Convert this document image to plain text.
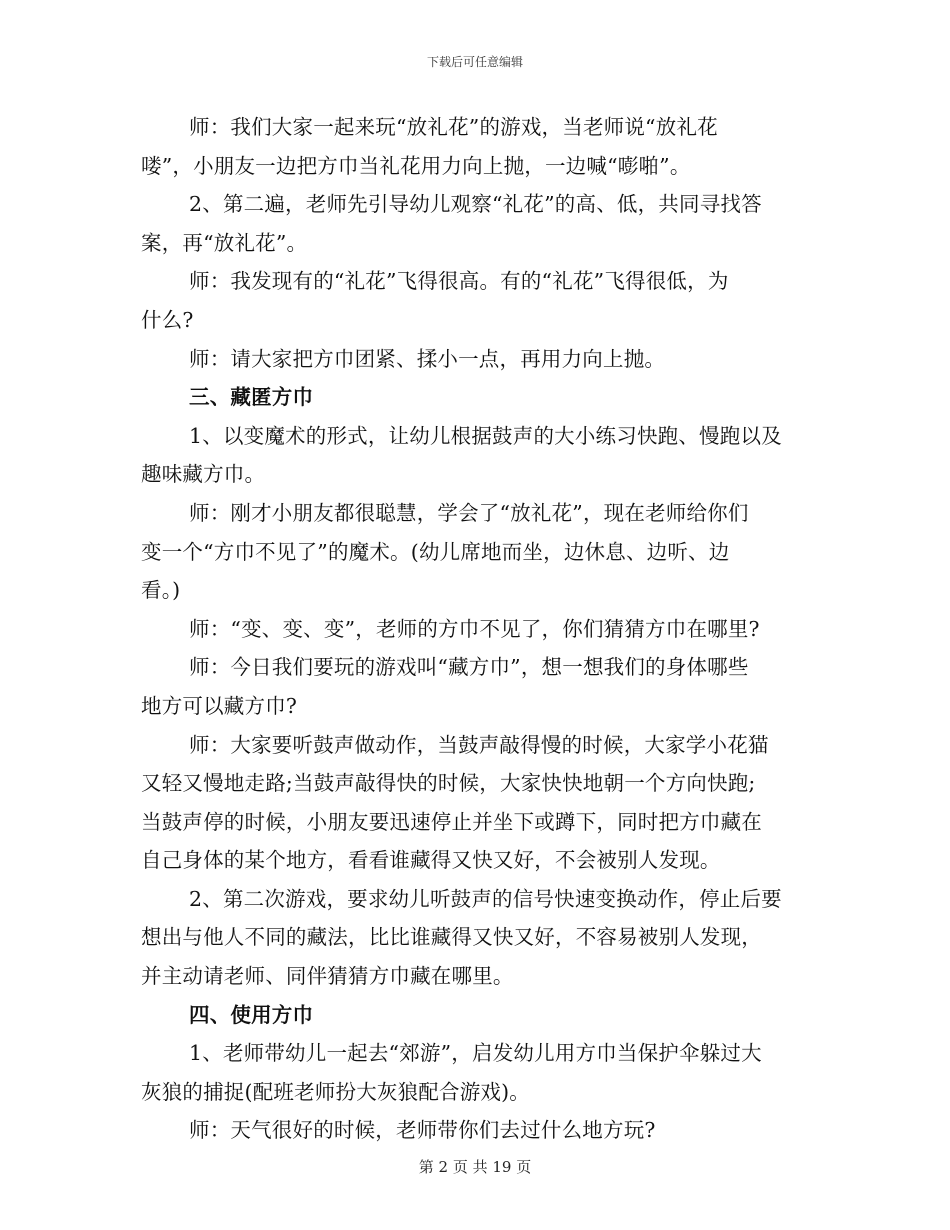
下载后可任意编辑
师：我们大家一起来玩“放礼花”的游戏，当老师说“放礼花
喽”，小朋友一边把方巾当礼花用力向上抛，一边喊“嘭啪”。
2、第二遍，老师先引导幼儿观察“礼花”的高、低，共同寻找答
案，再“放礼花”。
师：我发现有的“礼花”飞得很高。有的“礼花”飞得很低，为
什么?
师：请大家把方巾团紧、揉小一点，再用力向上抛。
三、藏匿方巾
1、以变魔术的形式，让幼儿根据鼓声的大小练习快跑、慢跑以及
趣味藏方巾。
师：刚才小朋友都很聪慧，学会了“放礼花”，现在老师给你们
变一个“方巾不见了”的魔术。(幼儿席地而坐，边休息、边听、边
看。)
师：“变、变、变”，老师的方巾不见了，你们猜猜方巾在哪里?
师：今日我们要玩的游戏叫“藏方巾”，想一想我们的身体哪些
地方可以藏方巾?
师：大家要听鼓声做动作，当鼓声敲得慢的时候，大家学小花猫
又轻又慢地走路;当鼓声敲得快的时候，大家快快地朝一个方向快跑;
当鼓声停的时候，小朋友要迅速停止并坐下或蹲下，同时把方巾藏在
自己身体的某个地方，看看谁藏得又快又好，不会被别人发现。
2、第二次游戏，要求幼儿听鼓声的信号快速变换动作，停止后要
想出与他人不同的藏法，比比谁藏得又快又好，不容易被别人发现，
并主动请老师、同伴猜猜方巾藏在哪里。
四、使用方巾
1、老师带幼儿一起去“郊游”，启发幼儿用方巾当保护伞躲过大
灰狼的捕捉(配班老师扮大灰狼配合游戏)。
师：天气很好的时候，老师带你们去过什么地方玩?
第 2 页 共 19 页
